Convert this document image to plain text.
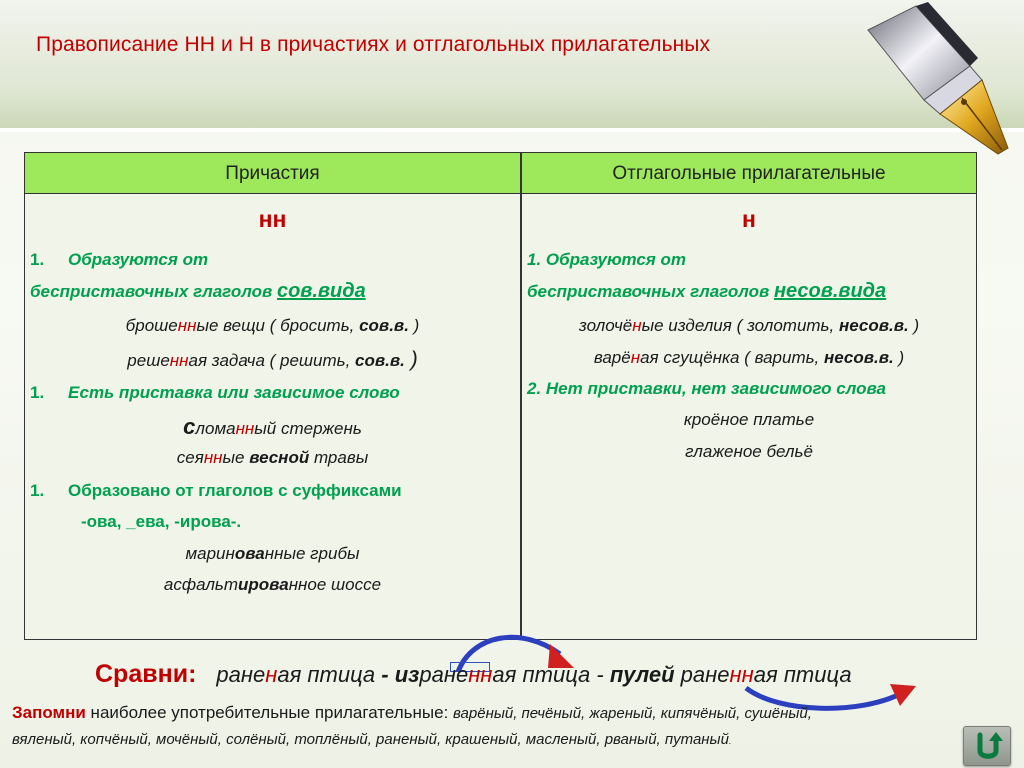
Правописание НН и Н в причастиях и отглагольных прилагательных
Причастия	Отглагольные прилагательные
нн
1. Образуются от
бесприставочных глаголов сов.вида
брошенные вещи ( бросить, сов.в. )
решенная задача ( решить, сов.в. )
1. Есть приставка или зависимое слово
сломанный стержень
сеянные весной травы
1. Образовано от глаголов с суффиксами
-ова, _ева, -ирова-.
маринованные грибы
асфальтированное шоссе
н
1. Образуются от
бесприставочных глаголов несов.вида
золочёные изделия ( золотить, несов.в. )
варёная сгущёнка ( варить, несов.в. )
2. Нет приставки, нет зависимого слова
кроёное платье
глаженое бельё
Сравни: раненая птица - израненная птица - пулей раненная птица
Запомни наиболее употребительные прилагательные: варёный, печёный, жареный, кипячёный, сушёный,
вяленый, копчёный, мочёный, солёный, топлёный, раненый, крашеный, масленый, рваный, путаный.
